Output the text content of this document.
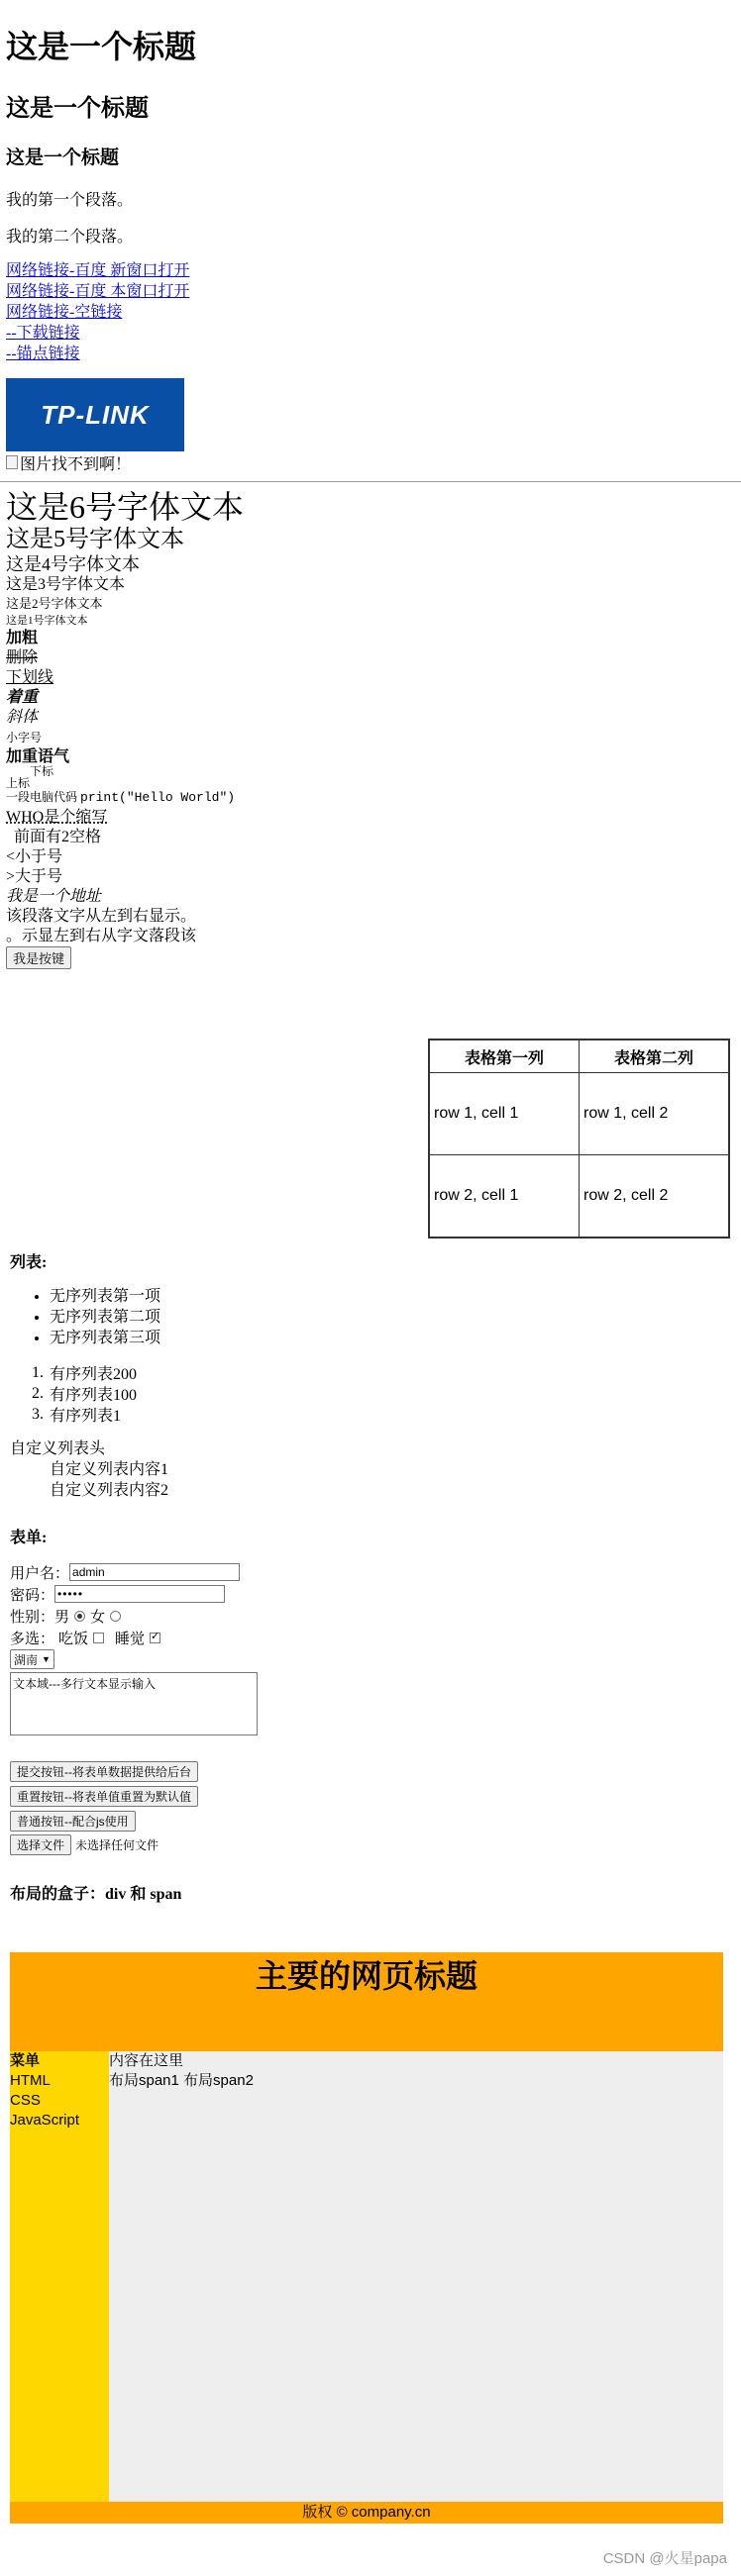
这是一个标题
这是一个标题
这是一个标题

我的第一个段落。

我的第二个段落。

网络链接-百度 新窗口打开
网络链接-百度 本窗口打开
网络链接-空链接
--下载链接
--锚点链接
TP-LINK
图片找不到啊！
这是6号字体文本
这是5号字体文本
这是4号字体文本
这是3号字体文本
这是2号字体文本
这是1号字体文本
加粗
删除
下划线
着重
斜体
小字号
加重语气
$_{上标}^{下标}$
一段电脑代码 print("Hello World")
WHO是个缩写
前面有2空格
<小于号
>大于号
我是一个地址
该段落文字从左到右显示。
该段落文字从右到左显示。
我是按键
表格第一列	表格第二列
row 1, cell 1	row 1, cell 2
row 2, cell 1	row 2, cell 2
列表:
• 无序列表第一项
• 无序列表第二项
• 无序列表第三项
1. 有序列表200
2. 有序列表100
3. 有序列表1
自定义列表头
自定义列表内容1
自定义列表内容2
表单:
用户名：
admin
密码：
•••••
性别： 男 女
多选： 吃饭 睡觉
✓
湖南 ▼
文本域---多行文本显示输入
提交按钮--将表单数据提供给后台
重置按钮--将表单值重置为默认值
普通按钮--配合js使用
选择文件 未选择任何文件
布局的盒子：div 和 span
主要的网页标题
菜单
HTML
CSS
JavaScript
内容在这里
布局span1 布局span2
版权 © company.cn
CSDN @火星papa
